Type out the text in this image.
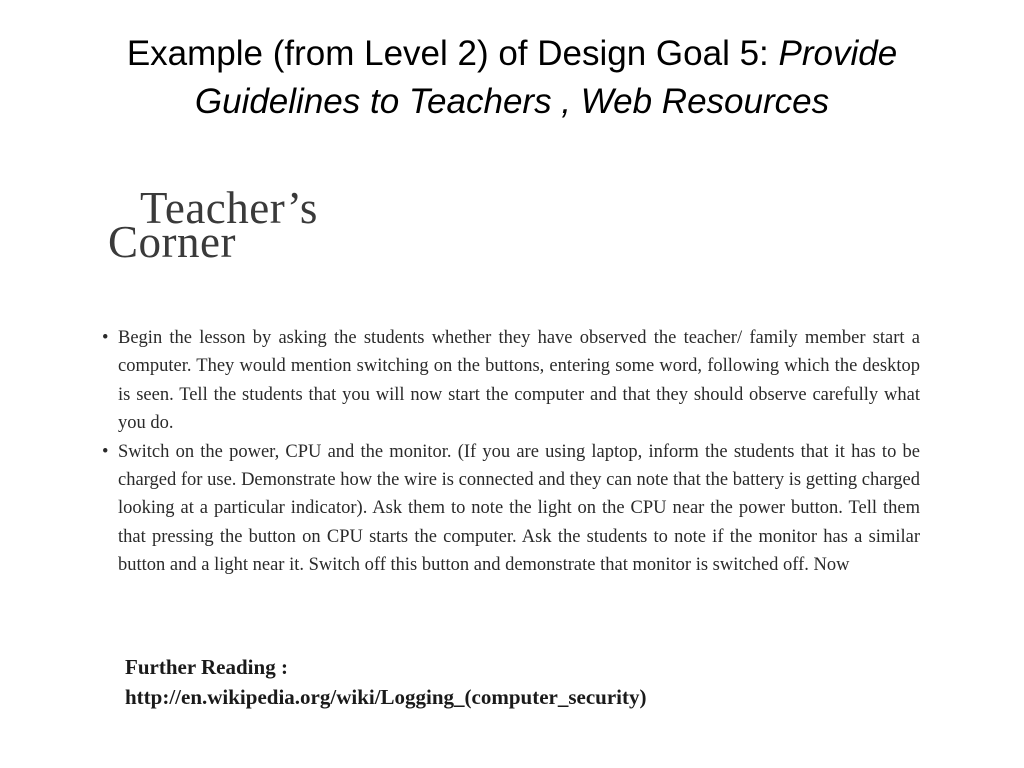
Example (from Level 2) of Design Goal 5: Provide
Guidelines to Teachers , Web Resources
Teacher’s
Corner
• Begin the lesson by asking the students whether they have observed the teacher/ family member start a computer. They would mention switching on the buttons, entering some word, following which the desktop is seen. Tell the students that you will now start the computer and that they should observe carefully what you do.
• Switch on the power, CPU and the monitor. (If you are using laptop, inform the students that it has to be charged for use. Demonstrate how the wire is connected and they can note that the battery is getting charged looking at a particular indicator). Ask them to note the light on the CPU near the power button. Tell them that pressing the button on CPU starts the computer. Ask the students to note if the monitor has a similar button and a light near it. Switch off this button and demonstrate that monitor is switched off. Now
Further Reading :
http://en.wikipedia.org/wiki/Logging_(computer_security)
